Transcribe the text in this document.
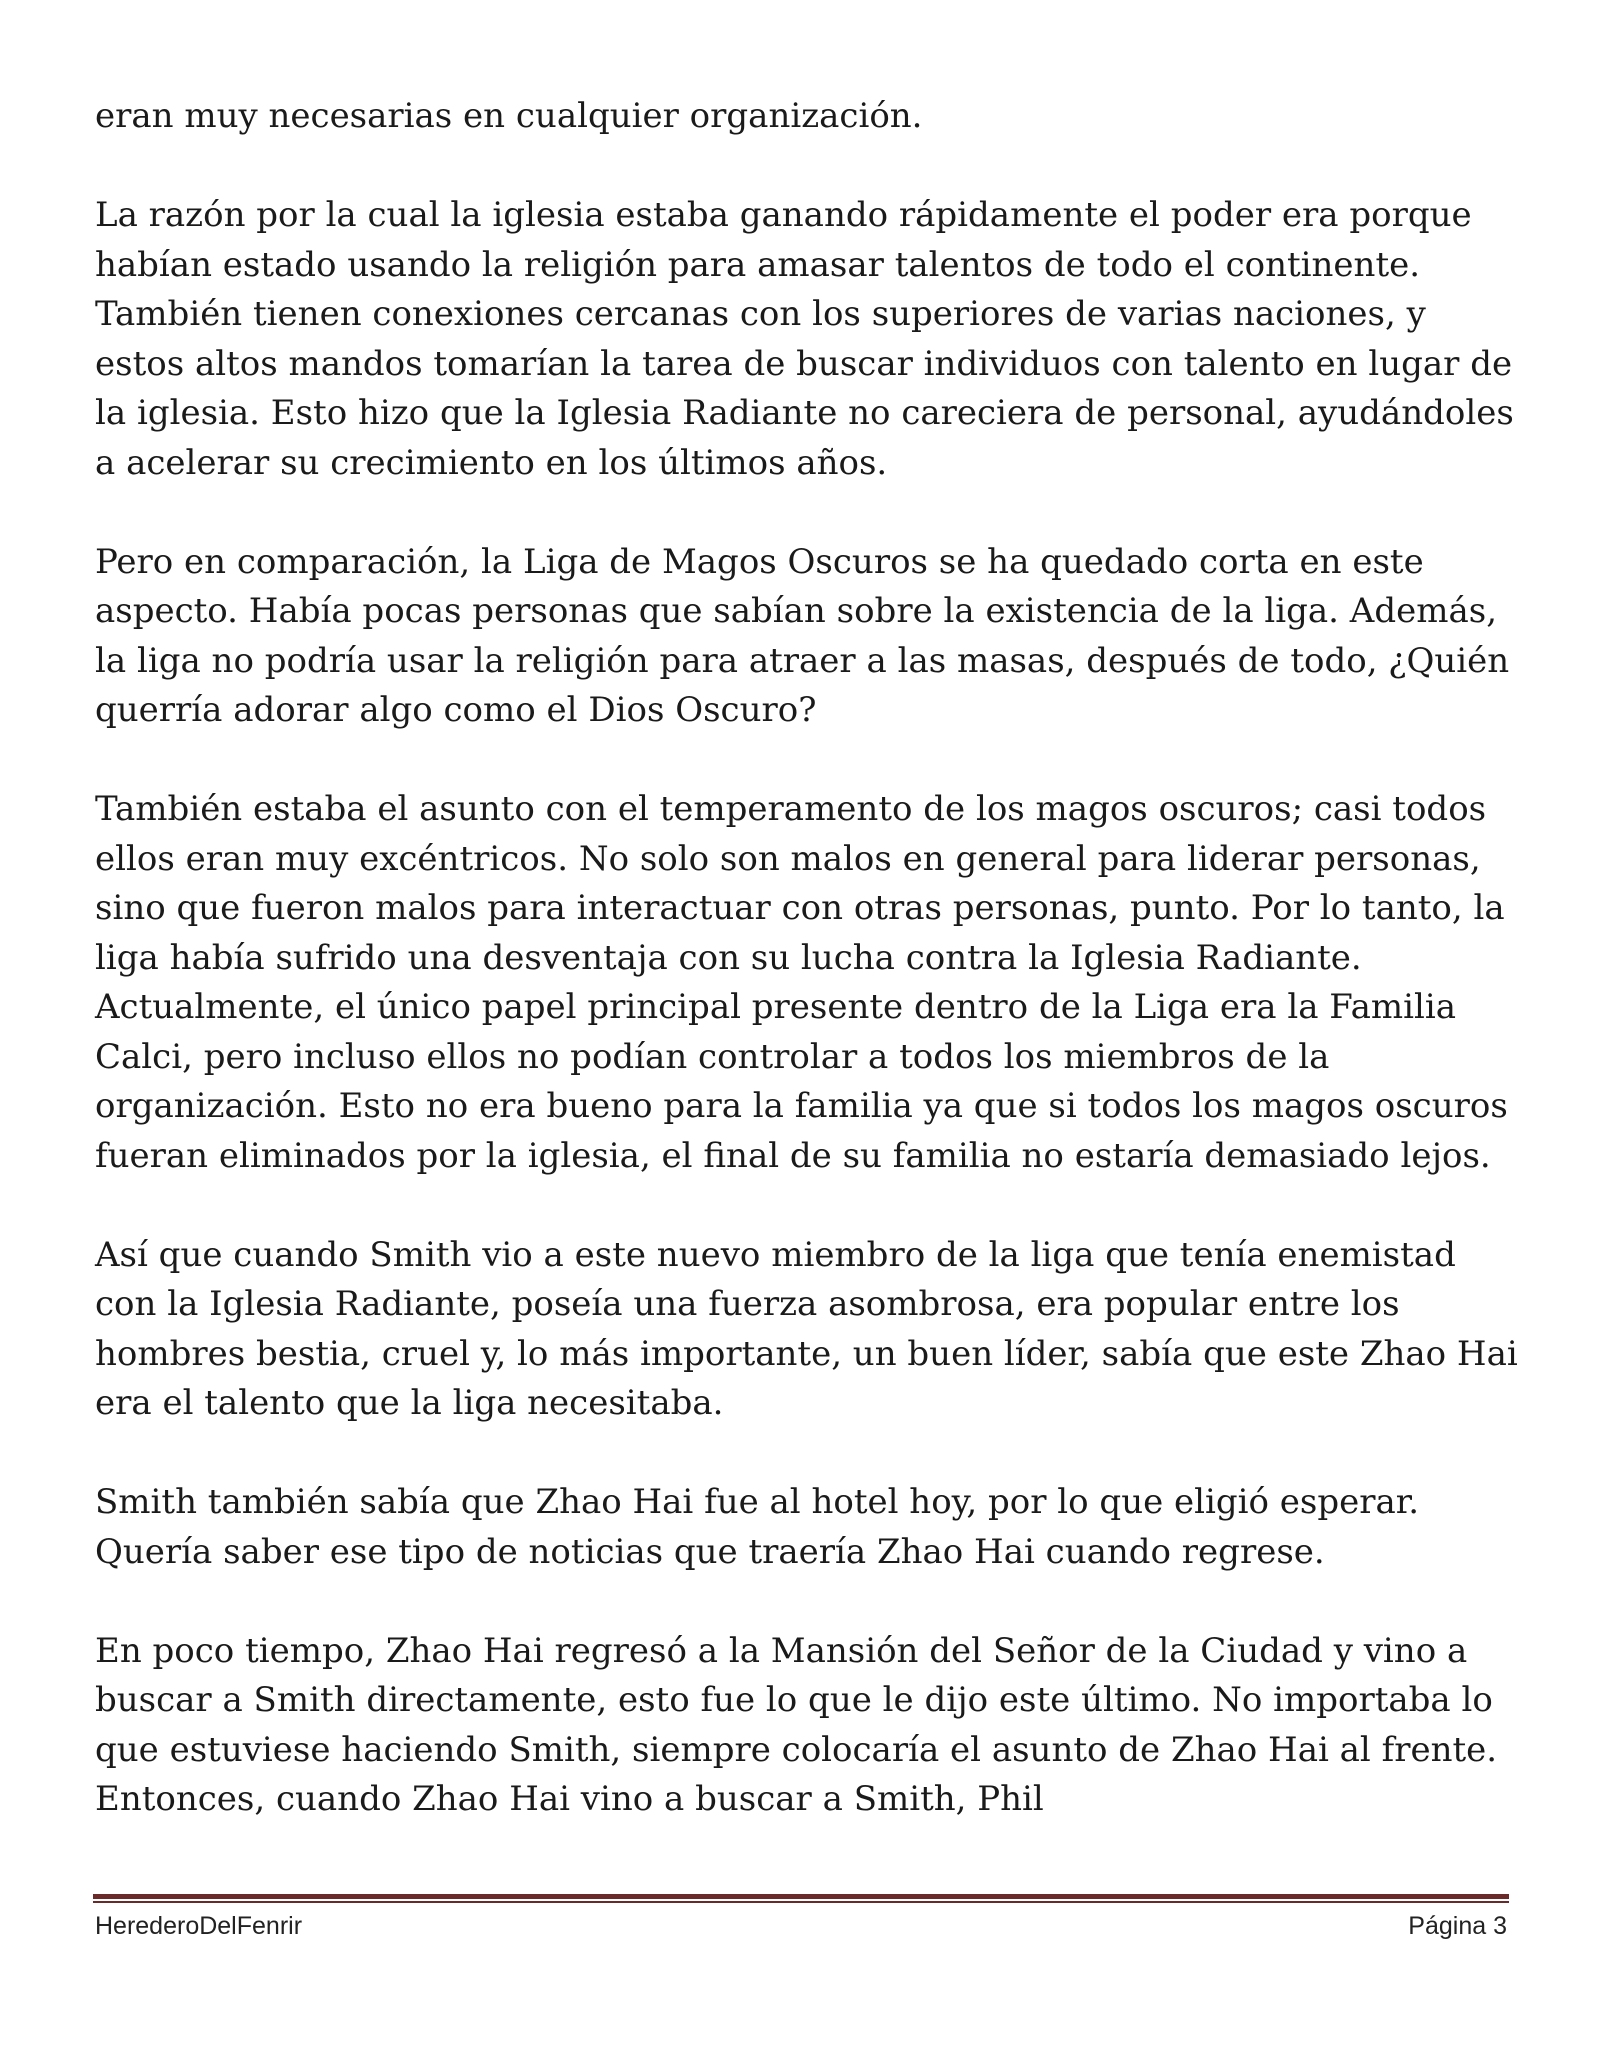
eran muy necesarias en cualquier organización.

La razón por la cual la iglesia estaba ganando rápidamente el poder era porque habían estado usando la religión para amasar talentos de todo el continente. También tienen conexiones cercanas con los superiores de varias naciones, y estos altos mandos tomarían la tarea de buscar individuos con talento en lugar de la iglesia. Esto hizo que la Iglesia Radiante no careciera de personal, ayudándoles a acelerar su crecimiento en los últimos años.

Pero en comparación, la Liga de Magos Oscuros se ha quedado corta en este aspecto. Había pocas personas que sabían sobre la existencia de la liga. Además, la liga no podría usar la religión para atraer a las masas, después de todo, ¿Quién querría adorar algo como el Dios Oscuro?

También estaba el asunto con el temperamento de los magos oscuros; casi todos ellos eran muy excéntricos. No solo son malos en general para liderar personas, sino que fueron malos para interactuar con otras personas, punto. Por lo tanto, la liga había sufrido una desventaja con su lucha contra la Iglesia Radiante. Actualmente, el único papel principal presente dentro de la Liga era la Familia Calci, pero incluso ellos no podían controlar a todos los miembros de la organización. Esto no era bueno para la familia ya que si todos los magos oscuros fueran eliminados por la iglesia, el final de su familia no estaría demasiado lejos.

Así que cuando Smith vio a este nuevo miembro de la liga que tenía enemistad con la Iglesia Radiante, poseía una fuerza asombrosa, era popular entre los hombres bestia, cruel y, lo más importante, un buen líder, sabía que este Zhao Hai era el talento que la liga necesitaba.

Smith también sabía que Zhao Hai fue al hotel hoy, por lo que eligió esperar. Quería saber ese tipo de noticias que traería Zhao Hai cuando regrese.

En poco tiempo, Zhao Hai regresó a la Mansión del Señor de la Ciudad y vino a buscar a Smith directamente, esto fue lo que le dijo este último. No importaba lo que estuviese haciendo Smith, siempre colocaría el asunto de Zhao Hai al frente. Entonces, cuando Zhao Hai vino a buscar a Smith, Phil

HerederoDelFenrir	Página 3
